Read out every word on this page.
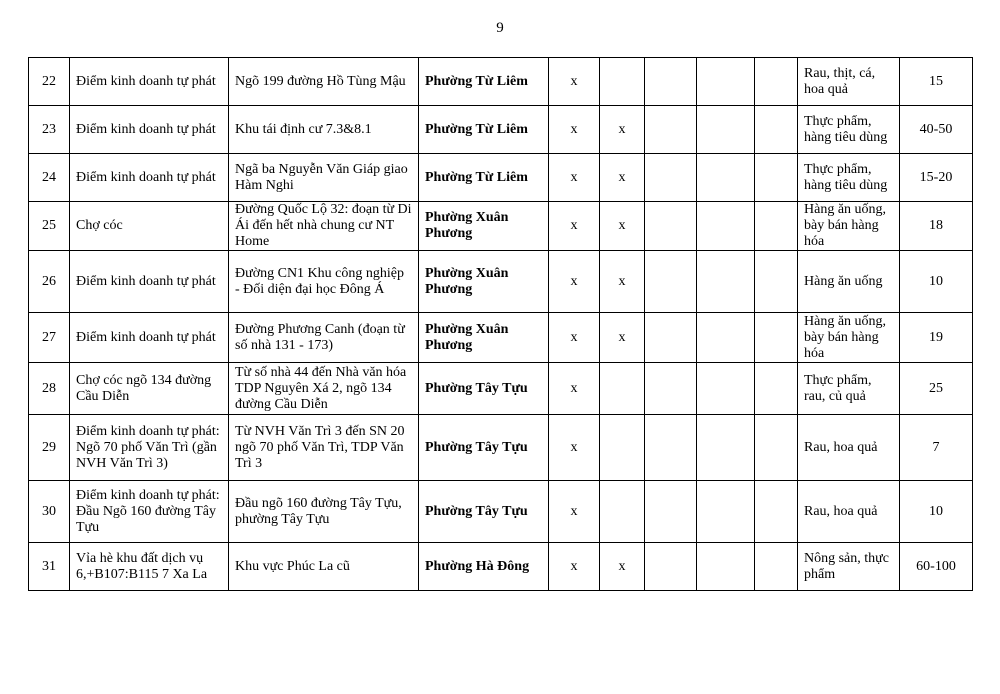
9
22	Điểm kinh doanh tự phát	Ngõ 199 đường Hồ Tùng Mậu	Phường Từ Liêm	x					Rau, thịt, cá, hoa quả	15
23	Điểm kinh doanh tự phát	Khu tái định cư 7.3&8.1	Phường Từ Liêm	x	x				Thực phẩm, hàng tiêu dùng	40-50
24	Điểm kinh doanh tự phát	Ngã ba Nguyễn Văn Giáp giao Hàm Nghi	Phường Từ Liêm	x	x				Thực phẩm, hàng tiêu dùng	15-20
25	Chợ cóc	Đường Quốc Lộ 32: đoạn từ Di Ái đến hết nhà chung cư NT Home	Phường Xuân Phương	x	x				Hàng ăn uống, bày bán hàng hóa	18
26	Điểm kinh doanh tự phát	Đường CN1 Khu công nghiệp - Đối diện đại học Đông Á	Phường Xuân Phương	x	x				Hàng ăn uống	10
27	Điểm kinh doanh tự phát	Đường Phương Canh (đoạn từ số nhà 131 - 173)	Phường Xuân Phương	x	x				Hàng ăn uống, bày bán hàng hóa	19
28	Chợ cóc ngõ 134 đường Cầu Diễn	Từ số nhà 44 đến Nhà văn hóa TDP Nguyên Xá 2, ngõ 134 đường Cầu Diễn	Phường Tây Tựu	x					Thực phẩm, rau, củ quả	25
29	Điểm kinh doanh tự phát: Ngõ 70 phố Văn Trì (gần NVH Văn Trì 3)	Từ NVH Văn Trì 3 đến SN 20 ngõ 70 phố Văn Trì, TDP Văn Trì 3	Phường Tây Tựu	x					Rau, hoa quả	7
30	Điểm kinh doanh tự phát: Đầu Ngõ 160 đường Tây Tựu	Đầu ngõ 160 đường Tây Tựu, phường Tây Tựu	Phường Tây Tựu	x					Rau, hoa quả	10
31	Vỉa hè khu đất dịch vụ 6,+B107:B115 7 Xa La	Khu vực Phúc La cũ	Phường Hà Đông	x	x				Nông sản, thực phẩm	60-100
